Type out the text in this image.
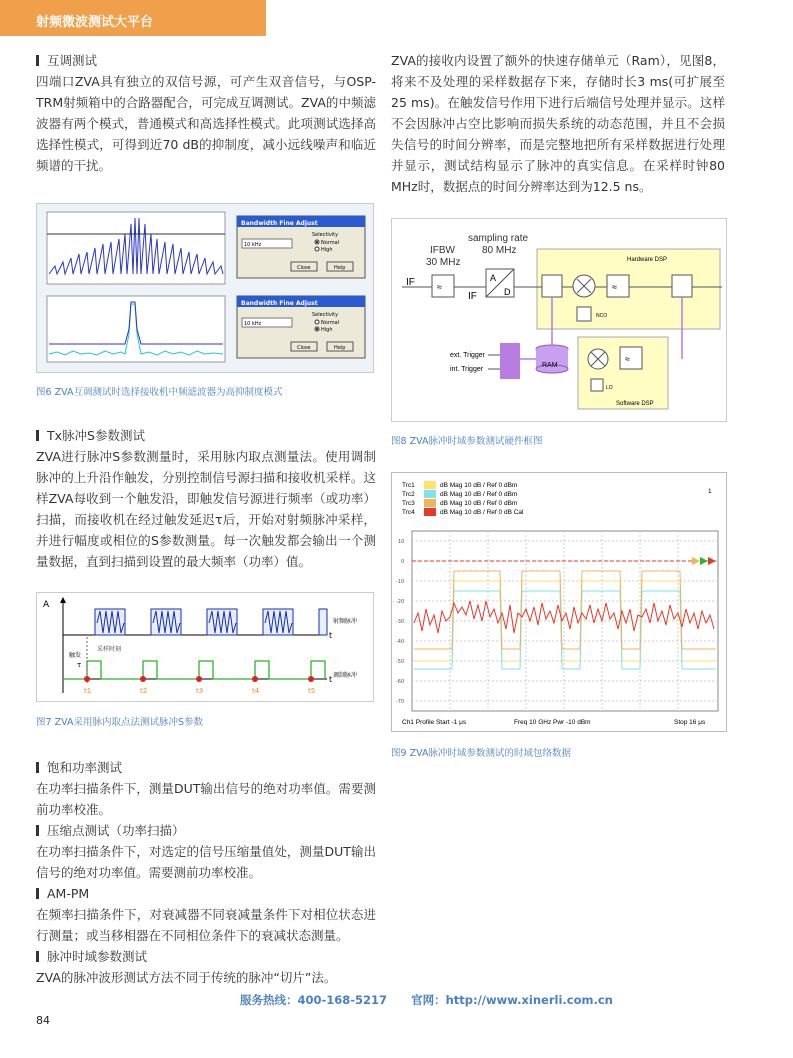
射频微波测试大平台

互调测试

四端口ZVA具有独立的双信号源，可产生双音信号，与OSP-TRM射频箱中的合路器配合，可完成互调测试。ZVA的中频滤波器有两个模式，普通模式和高选择性模式。此项测试选择高选择性模式，可得到近70 dB的抑制度，减小远线噪声和临近频谱的干扰。

Bandwidth Fine Adjust
10 kHz
Selectivity
Normal
High
Close	Help
Bandwidth Fine Adjust
10 kHz
Selectivity
Normal
High
Close	Help
图6 ZVA互调测试时选择接收机中频滤波器为高抑制度模式

Tx脉冲S参数测试

ZVA进行脉冲S参数测量时，采用脉内取点测量法。使用调制脉冲的上升沿作触发，分别控制信号源扫描和接收机采样。这样ZVA每收到一个触发沿，即触发信号源进行频率（或功率）扫描，而接收机在经过触发延迟τ后，开始对射频脉冲采样，并进行幅度或相位的S参数测量。每一次触发都会输出一个测量数据，直到扫描到设置的最大频率（功率）值。

A
t
射频脉冲
采样时刻
触发
τ
t 调制脉冲
t1	t2	t3	t4	t5
图7 ZVA采用脉内取点法测试脉冲S参数

饱和功率测试

在功率扫描条件下，测量DUT输出信号的绝对功率值。需要测前功率校准。

压缩点测试（功率扫描）

在功率扫描条件下，对选定的信号压缩量值处，测量DUT输出信号的绝对功率值。需要测前功率校准。

AM-PM

在频率扫描条件下，对衰减器不同衰减量条件下对相位状态进行测量；或当移相器在不同相位条件下的衰减状态测量。

脉冲时域参数测试

ZVA的脉冲波形测试方法不同于传统的脉冲“切片”法。

ZVA的接收内设置了额外的快速存储单元（Ram），见图8，将来不及处理的采样数据存下来，存储时长3 ms(可扩展至25 ms)。在触发信号作用下进行后端信号处理并显示。这样不会因脉冲占空比影响而损失系统的动态范围，并且不会损失信号的时间分辨率，而是完整地把所有采样数据进行处理并显示，测试结构显示了脉冲的真实信息。在采样时钟80 MHz时，数据点的时间分辨率达到为12.5 ns。

IFBW
30 MHz
sampling rate
80 MHz
Hardware DSP
IF ≈
IF
A
D	≈
NCO
ext. Trigger
int. Trigger
RAM
Software DSP
≈
LO
图8 ZVA脉冲时域参数测试硬件框图
Trc1	dB Mag 10 dB / Ref 0 dBm
Trc2	dB Mag 10 dB / Ref 0 dBm
Trc3	dB Mag 10 dB / Ref 0 dBm
Trc4	dB Mag 10 dB / Ref 0 dB Cal
1
10
0
-10
-20
-30
-40
-50
-60
-70
Ch1 Profile Start -1 μs	Freq 10 GHz Pwr -10 dBm	Stop 16 μs
图9 ZVA脉冲时域参数测试的时域包络数据
服务热线：400-168-5217 官网：http://www.xinerli.com.cn
84
